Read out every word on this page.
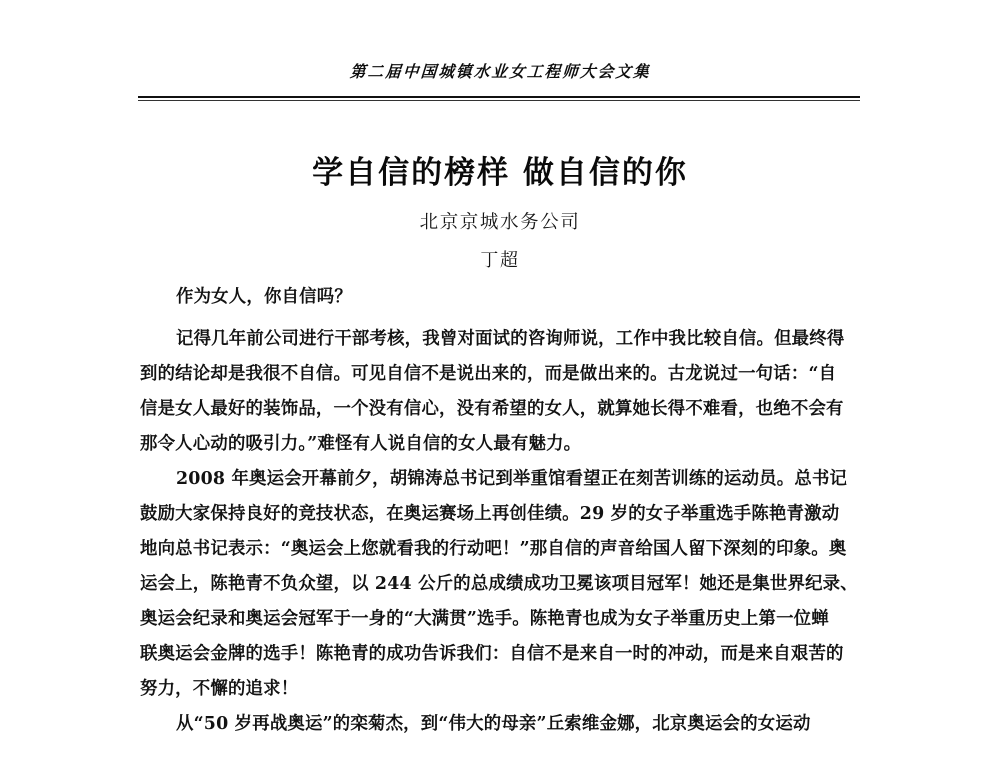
第二届中国城镇水业女工程师大会文集
学自信的榜样 做自信的你
北京京城水务公司
丁超

作为女人，你自信吗？

记得几年前公司进行干部考核，我曾对面试的咨询师说，工作中我比较自信。但最终得
到的结论却是我很不自信。可见自信不是说出来的，而是做出来的。古龙说过一句话：“自
信是女人最好的装饰品，一个没有信心，没有希望的女人，就算她长得不难看，也绝不会有
那令人心动的吸引力。”难怪有人说自信的女人最有魅力。

2008 年奥运会开幕前夕，胡锦涛总书记到举重馆看望正在刻苦训练的运动员。总书记
鼓励大家保持良好的竞技状态，在奥运赛场上再创佳绩。29 岁的女子举重选手陈艳青激动
地向总书记表示：“奥运会上您就看我的行动吧！”那自信的声音给国人留下深刻的印象。奥
运会上，陈艳青不负众望，以 244 公斤的总成绩成功卫冕该项目冠军！她还是集世界纪录、
奥运会纪录和奥运会冠军于一身的“大满贯”选手。陈艳青也成为女子举重历史上第一位蝉
联奥运会金牌的选手！陈艳青的成功告诉我们：自信不是来自一时的冲动，而是来自艰苦的
努力，不懈的追求！

从“50 岁再战奥运”的栾菊杰，到“伟大的母亲”丘索维金娜，北京奥运会的女运动
